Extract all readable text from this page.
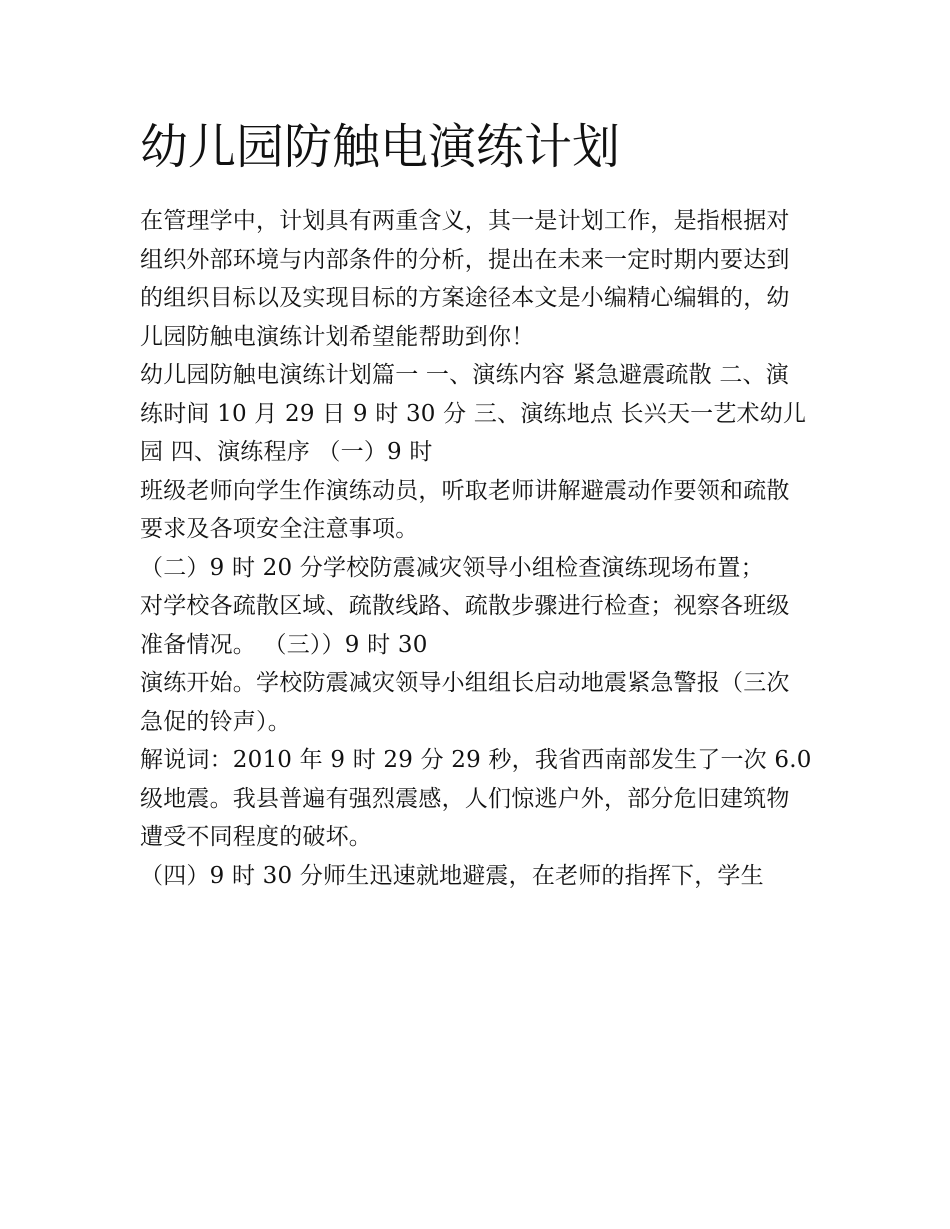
幼儿园防触电演练计划

在管理学中，计划具有两重含义，其一是计划工作，是指根据对组织外部环境与内部条件的分析，提出在未来一定时期内要达到的组织目标以及实现目标的方案途径本文是小编精心编辑的，幼儿园防触电演练计划希望能帮助到你！

幼儿园防触电演练计划篇一 一、演练内容 紧急避震疏散 二、演练时间 10 月 29 日 9 时 30 分 三、演练地点 长兴天一艺术幼儿园 四、演练程序 （一）9 时

班级老师向学生作演练动员，听取老师讲解避震动作要领和疏散要求及各项安全注意事项。

（二）9 时 20 分学校防震减灾领导小组检查演练现场布置；

对学校各疏散区域、疏散线路、疏散步骤进行检查；视察各班级准备情况。 （三））9 时 30

演练开始。学校防震减灾领导小组组长启动地震紧急警报（三次急促的铃声）。

解说词：2010 年 9 时 29 分 29 秒，我省西南部发生了一次 6.0 级地震。我县普遍有强烈震感，人们惊逃户外，部分危旧建筑物遭受不同程度的破坏。

（四）9 时 30 分师生迅速就地避震，在老师的指挥下，学生
